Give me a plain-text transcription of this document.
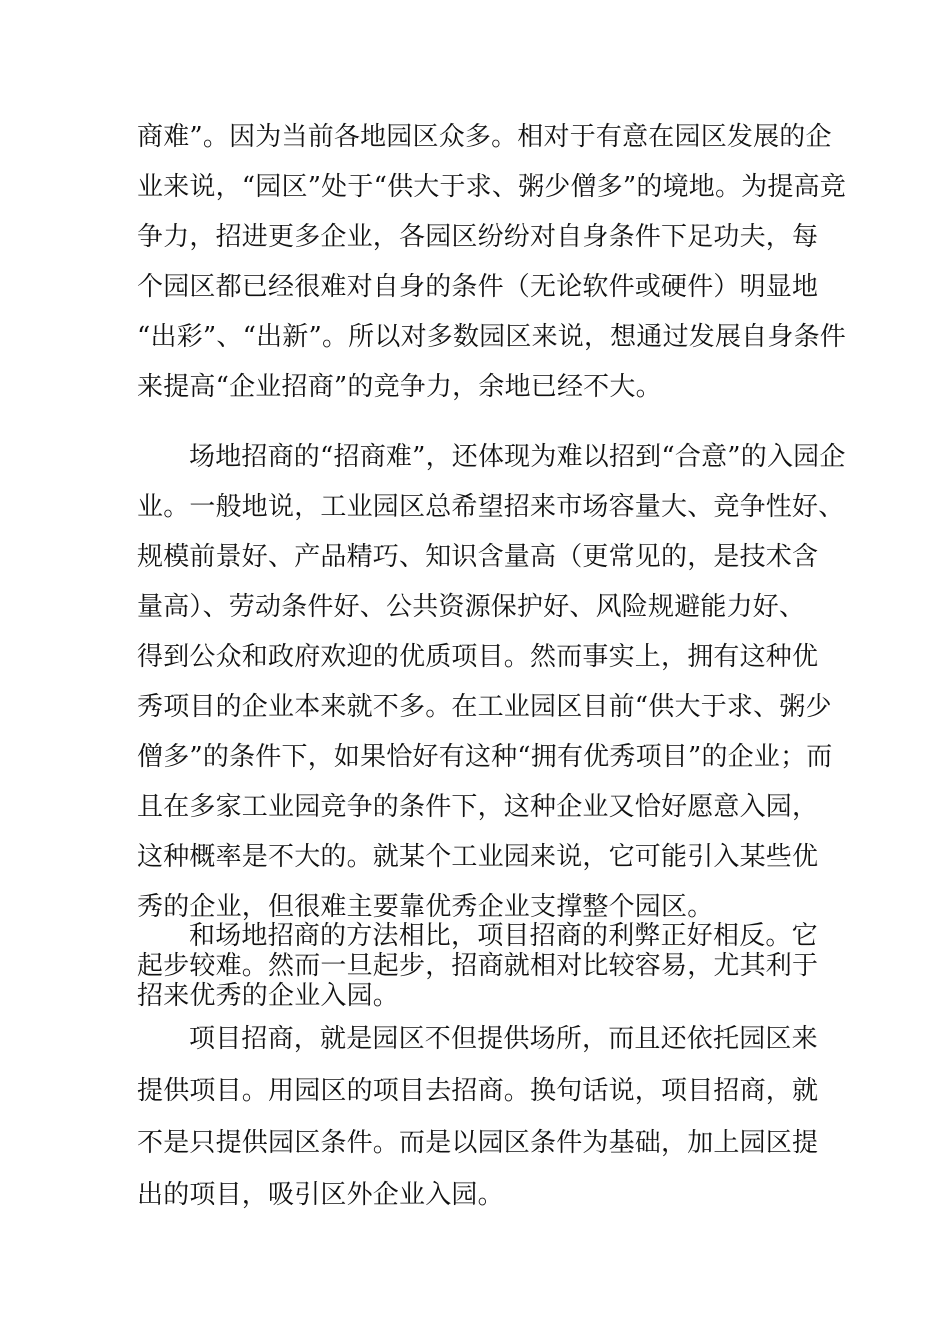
商难”。因为当前各地园区众多。相对于有意在园区发展的企
业来说，“园区”处于“供大于求、粥少僧多”的境地。为提高竞
争力，招进更多企业，各园区纷纷对自身条件下足功夫，每
个园区都已经很难对自身的条件（无论软件或硬件）明显地
“出彩”、“出新”。所以对多数园区来说，想通过发展自身条件
来提高“企业招商”的竞争力，余地已经不大。
场地招商的“招商难”，还体现为难以招到“合意”的入园企
业。一般地说，工业园区总希望招来市场容量大、竞争性好、
规模前景好、产品精巧、知识含量高（更常见的，是技术含
量高）、劳动条件好、公共资源保护好、风险规避能力好、
得到公众和政府欢迎的优质项目。然而事实上，拥有这种优
秀项目的企业本来就不多。在工业园区目前“供大于求、粥少
僧多”的条件下，如果恰好有这种“拥有优秀项目”的企业；而
且在多家工业园竞争的条件下，这种企业又恰好愿意入园，
这种概率是不大的。就某个工业园来说，它可能引入某些优
秀的企业，但很难主要靠优秀企业支撑整个园区。
和场地招商的方法相比，项目招商的利弊正好相反。它
起步较难。然而一旦起步，招商就相对比较容易，尤其利于
招来优秀的企业入园。
项目招商，就是园区不但提供场所，而且还依托园区来
提供项目。用园区的项目去招商。换句话说，项目招商，就
不是只提供园区条件。而是以园区条件为基础，加上园区提
出的项目，吸引区外企业入园。
